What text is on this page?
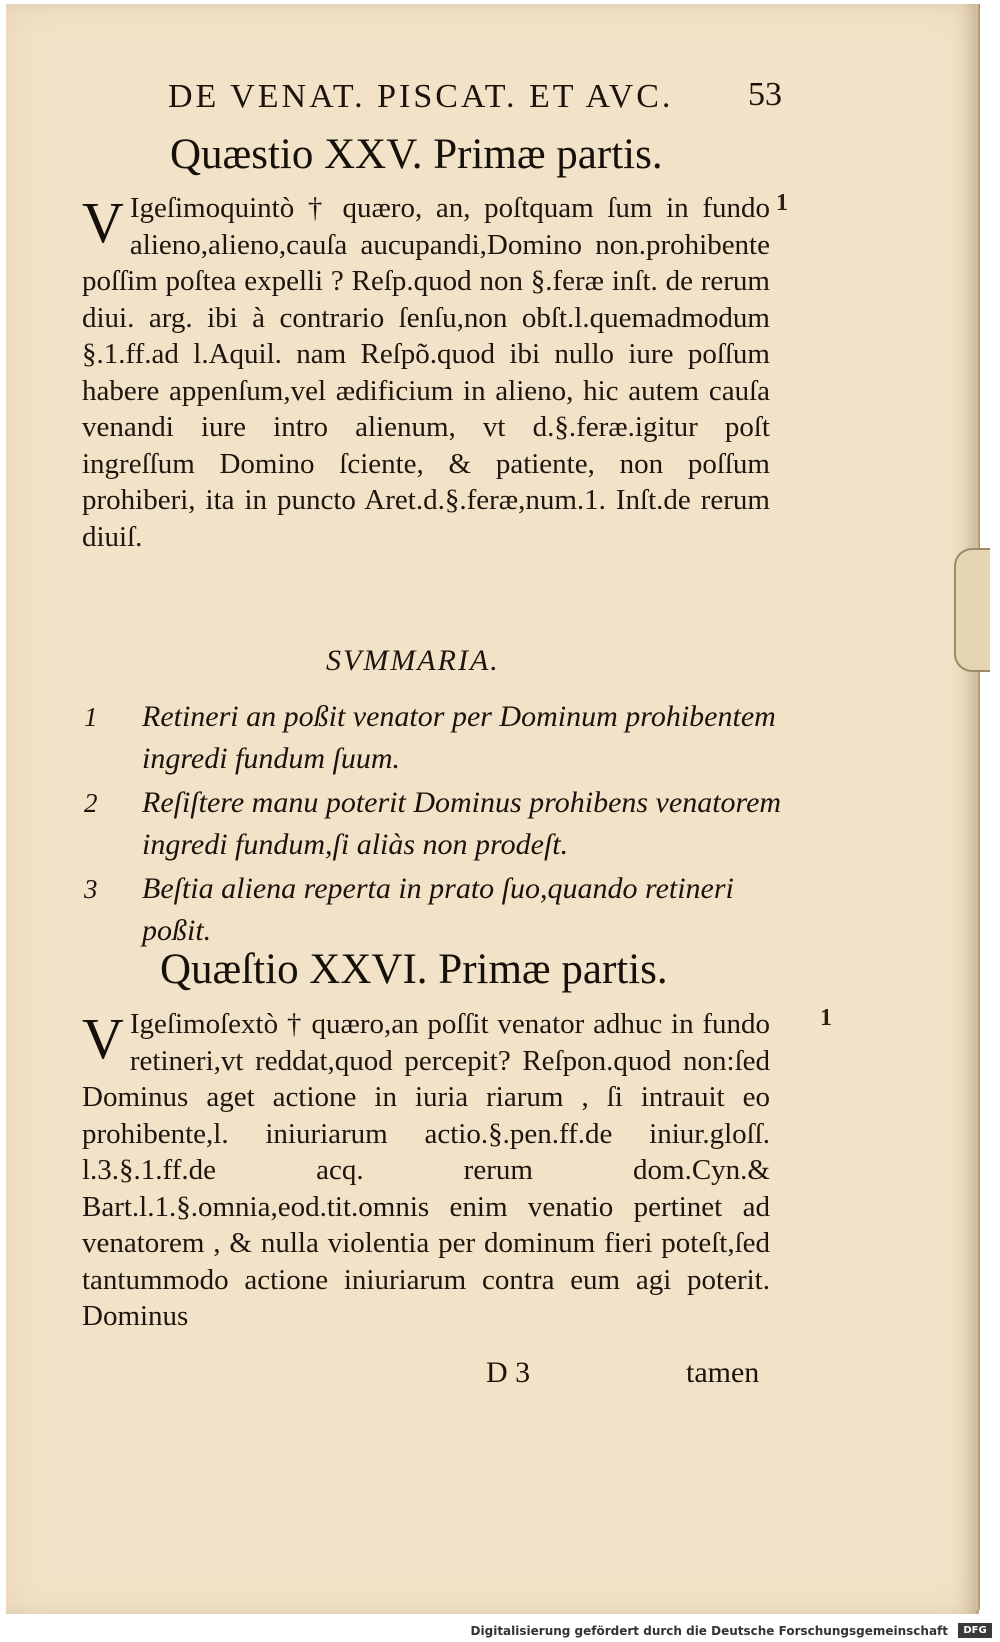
DE VENAT. PISCAT. ET AVC. 53
Quæstio XXV. Primæ partis.
1
V Igeſimoquintò † quæro, an, poſtquam ſum in fundo alieno,alieno,cauſa aucupandi,Domino non.prohibente poſſim poſtea expelli ? Reſp.quod non §.feræ inſt. de rerum diui. arg. ibi à contrario ſenſu,non obſt.l.quemadmodum §.1.ff.ad l.Aquil. nam Reſpõ.quod ibi nullo iure poſſum habere appenſum,vel ædificium in alieno, hic autem cauſa venandi iure intro alienum, vt d.§.feræ.igitur poſt ingreſſum Domino ſciente, & patiente, non poſſum prohiberi, ita in puncto Aret.d.§.feræ,num.1. Inſt.de rerum diuiſ.

SVMMARIA.
1	Retineri an poßit venator per Dominum prohibentem ingredi fundum ſuum.
2	Reſiſtere manu poterit Dominus prohibens venatorem ingredi fundum,ſi aliàs non prodeſt.
3	Beſtia aliena reperta in prato ſuo,quando retineri poßit.
Quæſtio XXVI. Primæ partis.
1
V Igeſimoſextò † quæro,an poſſit venator adhuc in fundo retineri,vt reddat,quod percepit? Reſpon.quod non:ſed Dominus aget actione in iuria riarum , ſi intrauit eo prohibente,l. iniuriarum actio.§.pen.ff.de iniur.gloſſ. l.3.§.1.ff.de acq. rerum dom.Cyn.& Bart.l.1.§.omnia,eod.tit.omnis enim venatio pertinet ad venatorem , & nulla violentia per dominum fieri poteſt,ſed tantummodo actione iniuriarum contra eum agi poterit. Dominus

D 3	tamen
Digitalisierung gefördert durch die Deutsche Forschungsgemeinschaft	DFG
